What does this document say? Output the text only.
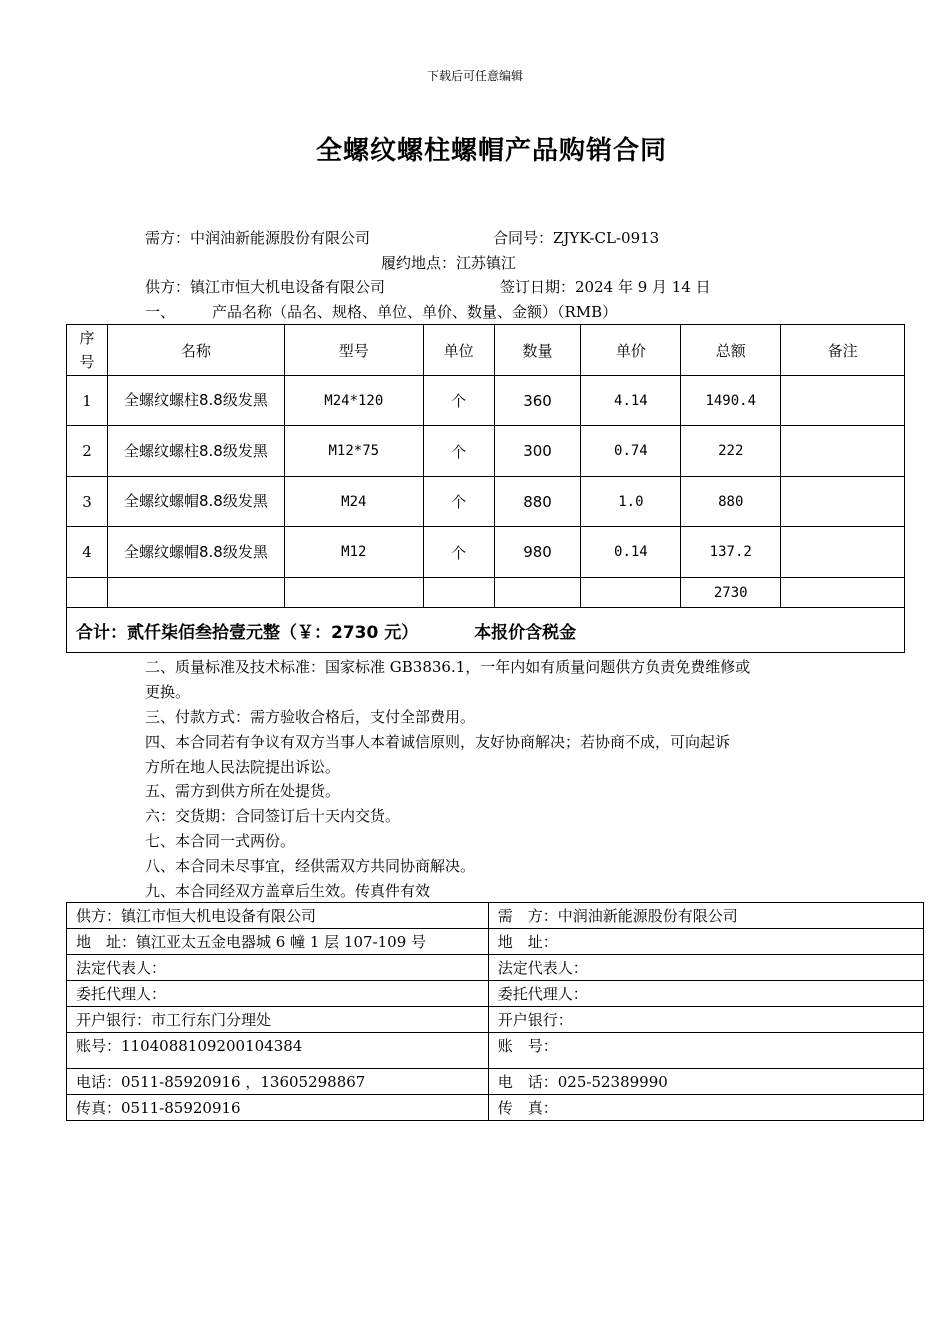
下载后可任意编辑
全螺纹螺柱螺帽产品购销合同
需方：中润油新能源股份有限公司	合同号：ZJYK-CL-0913
履约地点：江苏镇江
供方：镇江市恒大机电设备有限公司	签订日期：2024 年 9 月 14 日
一、 产品名称（品名、规格、单位、单价、数量、金额）（RMB）
序号	名称	型号	单位	数量	单价	总额	备注
1	全螺纹螺柱8.8级发黑	M24*120	个	360	4.14	1490.4	
2	全螺纹螺柱8.8级发黑	M12*75	个	300	0.74	222	
3	全螺纹螺帽8.8级发黑	M24	个	880	1.0	880	
4	全螺纹螺帽8.8级发黑	M12	个	980	0.14	137.2	
						2730	
合计：贰仟柒佰叁拾壹元整（￥：2730 元） 本报价含税金							
二、质量标准及技术标准：国家标准 GB3836.1，一年内如有质量问题供方负责免费维修或
更换。
三、付款方式：需方验收合格后，支付全部费用。
四、本合同若有争议有双方当事人本着诚信原则，友好协商解决；若协商不成，可向起诉
方所在地人民法院提出诉讼。
五、需方到供方所在处提货。
六：交货期：合同签订后十天内交货。
七、本合同一式两份。
八、本合同未尽事宜，经供需双方共同协商解决。
九、本合同经双方盖章后生效。传真件有效
供方：镇江市恒大机电设备有限公司	需　方：中润油新能源股份有限公司
地　址：镇江亚太五金电器城 6 幢 1 层 107-109 号	地　址：
法定代表人：	法定代表人：
委托代理人：	委托代理人：
开户银行：市工行东门分理处	开户银行：
账号：1104088109200104384	账　号：
电话：0511-85920916 ，13605298867	电　话：025-52389990
传真：0511-85920916	传　真：
